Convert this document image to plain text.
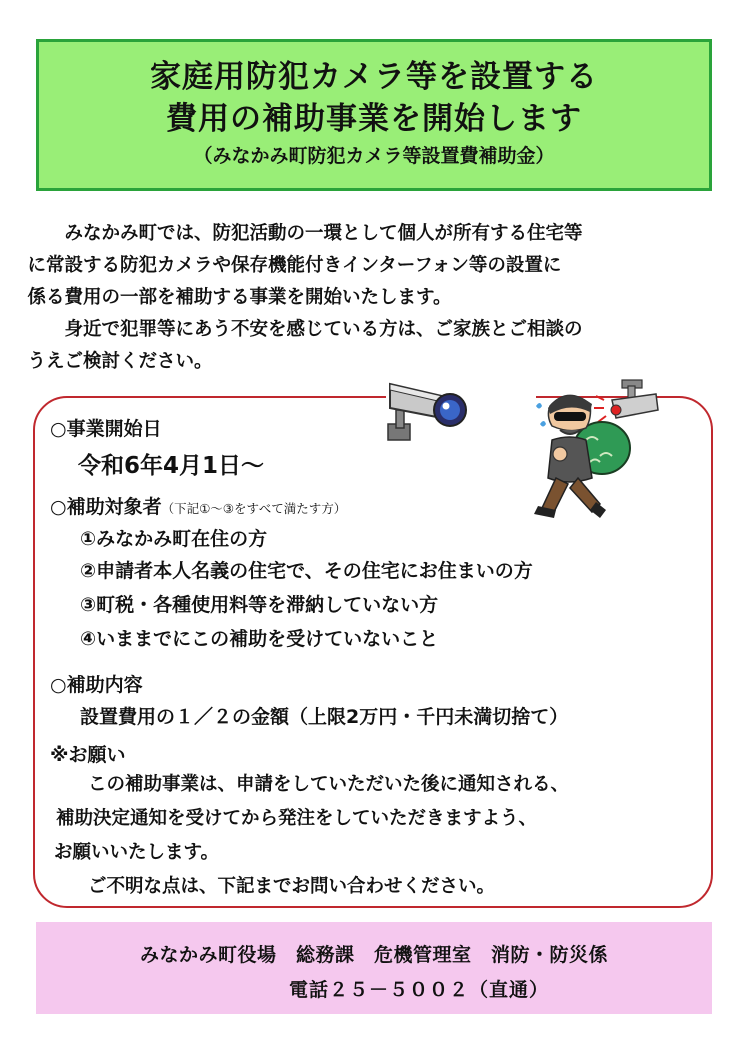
家庭用防犯カメラ等を設置する
費用の補助事業を開始します
（みなかみ町防犯カメラ等設置費補助金）

みなかみ町では、防犯活動の一環として個人が所有する住宅等
に常設する防犯カメラや保存機能付きインターフォン等の設置に
係る費用の一部を補助する事業を開始いたします。

身近で犯罪等にあう不安を感じている方は、ご家族とご相談の
うえご検討ください。

○事業開始日
令和6年4月1日～
○補助対象者（下記①～③をすべて満たす方）
①みなかみ町在住の方
②申請者本人名義の住宅で、その住宅にお住まいの方
③町税・各種使用料等を滞納していない方
④いままでにこの補助を受けていないこと
○補助内容
設置費用の１／２の金額（上限2万円・千円未満切捨て）
※お願い
この補助事業は、申請をしていただいた後に通知される、
補助決定通知を受けてから発注をしていただきますよう、
お願いいたします。
ご不明な点は、下記までお問い合わせください。
みなかみ町役場　総務課　危機管理室　消防・防災係
電話２５－５００２（直通）
